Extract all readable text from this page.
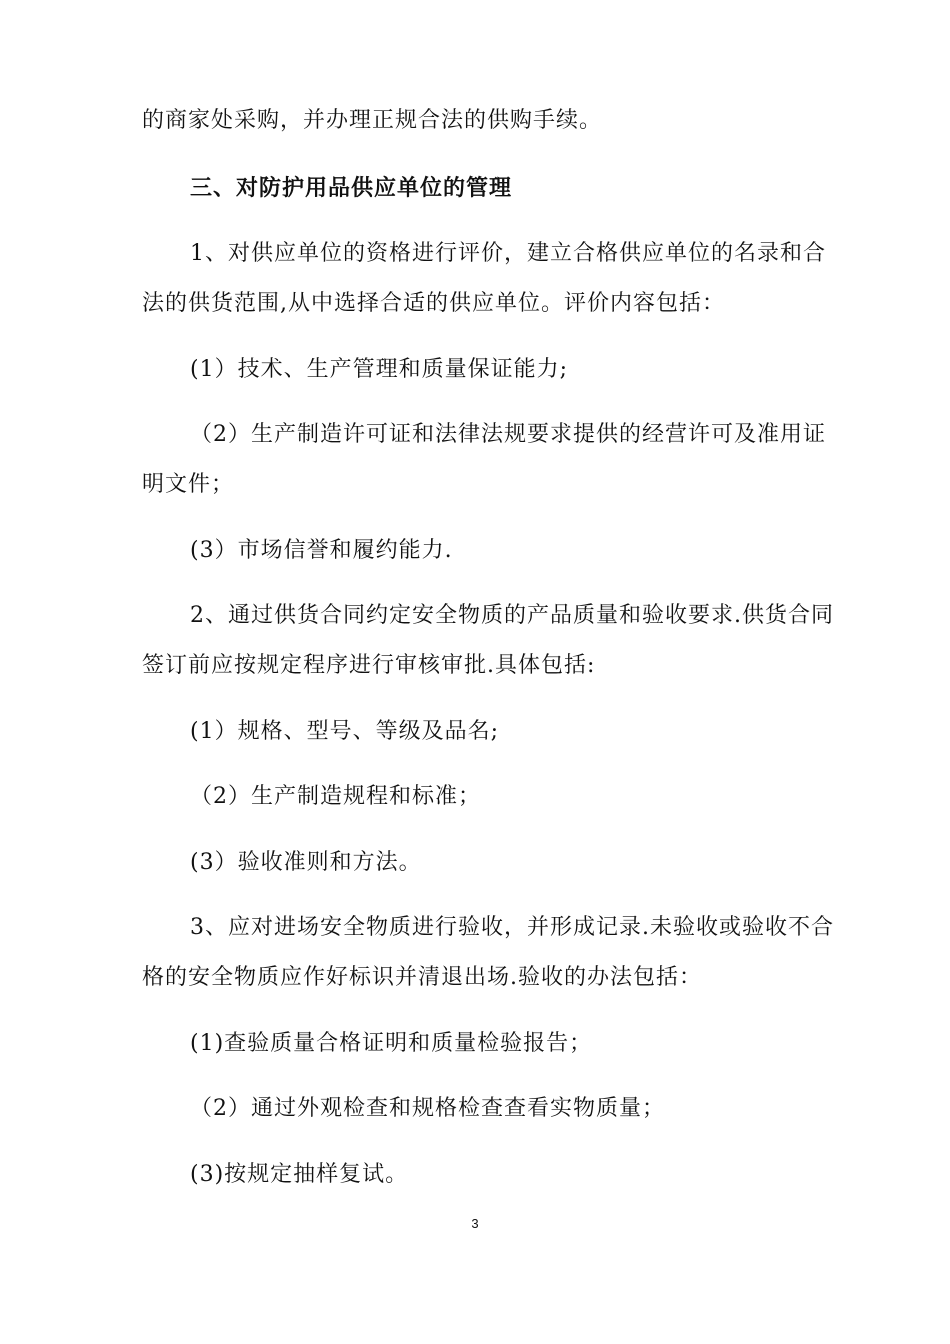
的商家处采购，并办理正规合法的供购手续。
三、对防护用品供应单位的管理
1、对供应单位的资格进行评价，建立合格供应单位的名录和合
法的供货范围,从中选择合适的供应单位。评价内容包括：
(1）技术、生产管理和质量保证能力;
（2）生产制造许可证和法律法规要求提供的经营许可及准用证
明文件；
(3）市场信誉和履约能力.
2、通过供货合同约定安全物质的产品质量和验收要求.供货合同
签订前应按规定程序进行审核审批.具体包括:
(1）规格、型号、等级及品名;
（2）生产制造规程和标准；
(3）验收准则和方法。
3、应对进场安全物质进行验收，并形成记录.未验收或验收不合
格的安全物质应作好标识并清退出场.验收的办法包括：
(1)查验质量合格证明和质量检验报告；
（2）通过外观检查和规格检查查看实物质量；
(3)按规定抽样复试。
3
